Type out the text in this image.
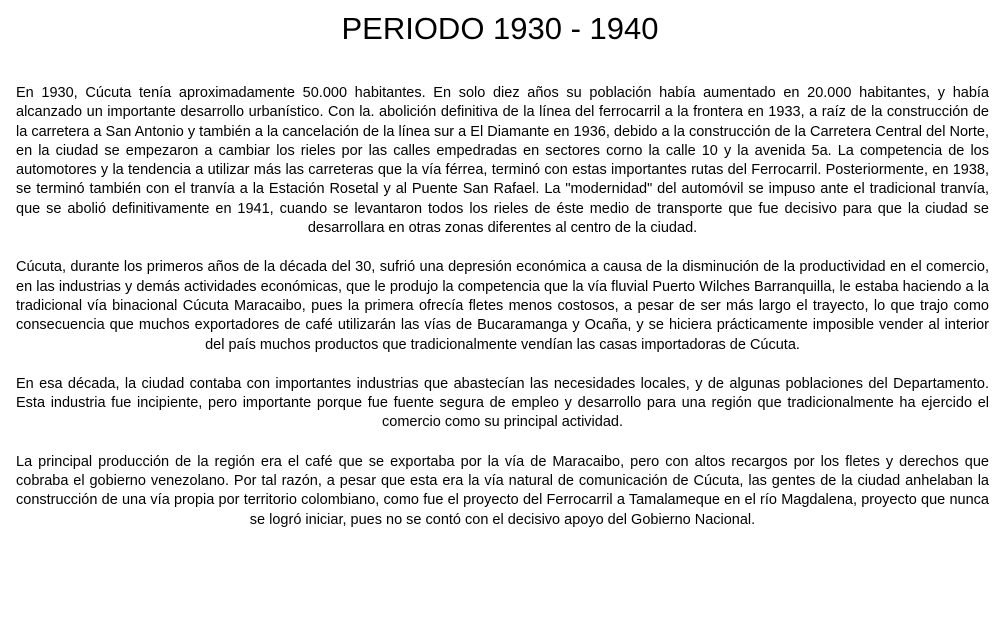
PERIODO 1930 - 1940

En 1930, Cúcuta tenía aproximadamente 50.000 habitantes. En solo diez años su población había aumentado en 20.000 habitantes, y había alcanzado un importante desarrollo urbanístico. Con la. abolición definitiva de la línea del ferrocarril a la frontera en 1933, a raíz de la construcción de la carretera a San Antonio y también a la cancelación de la línea sur a El Diamante en 1936, debido a la construcción de la Carretera Central del Norte, en la ciudad se empezaron a cambiar los rieles por las calles empedradas en sectores corno la calle 10 y la avenida 5a. La competencia de los automotores y la tendencia a utilizar más las carreteras que la vía férrea, terminó con estas importantes rutas del Ferrocarril. Posteriormente, en 1938, se terminó también con el tranvía a la Estación Rosetal y al Puente San Rafael. La "modernidad" del automóvil se impuso ante el tradicional tranvía, que se abolió definitivamente en 1941, cuando se levantaron todos los rieles de éste medio de transporte que fue decisivo para que la ciudad se desarrollara en otras zonas diferentes al centro de la ciudad.

Cúcuta, durante los primeros años de la década del 30, sufrió una depresión económica a causa de la disminución de la productividad en el comercio, en las industrias y demás actividades económicas, que le produjo la competencia que la vía fluvial Puerto Wilches Barranquilla, le estaba haciendo a la tradicional vía binacional Cúcuta Maracaibo, pues la primera ofrecía fletes menos costosos, a pesar de ser más largo el trayecto, lo que trajo como consecuencia que muchos exportadores de café utilizarán las vías de Bucaramanga y Ocaña, y se hiciera prácticamente imposible vender al interior del país muchos productos que tradicionalmente vendían las casas importadoras de Cúcuta.

En esa década, la ciudad contaba con importantes industrias que abastecían las necesidades locales, y de algunas poblaciones del Departamento. Esta industria fue incipiente, pero importante porque fue fuente segura de empleo y desarrollo para una región que tradicionalmente ha ejercido el comercio como su principal actividad.

La principal producción de la región era el café que se exportaba por la vía de Maracaibo, pero con altos recargos por los fletes y derechos que cobraba el gobierno venezolano. Por tal razón, a pesar que esta era la vía natural de comunicación de Cúcuta, las gentes de la ciudad anhelaban la construcción de una vía propia por territorio colombiano, como fue el proyecto del Ferrocarril a Tamalameque en el río Magdalena, proyecto que nunca se logró iniciar, pues no se contó con el decisivo apoyo del Gobierno Nacional.
